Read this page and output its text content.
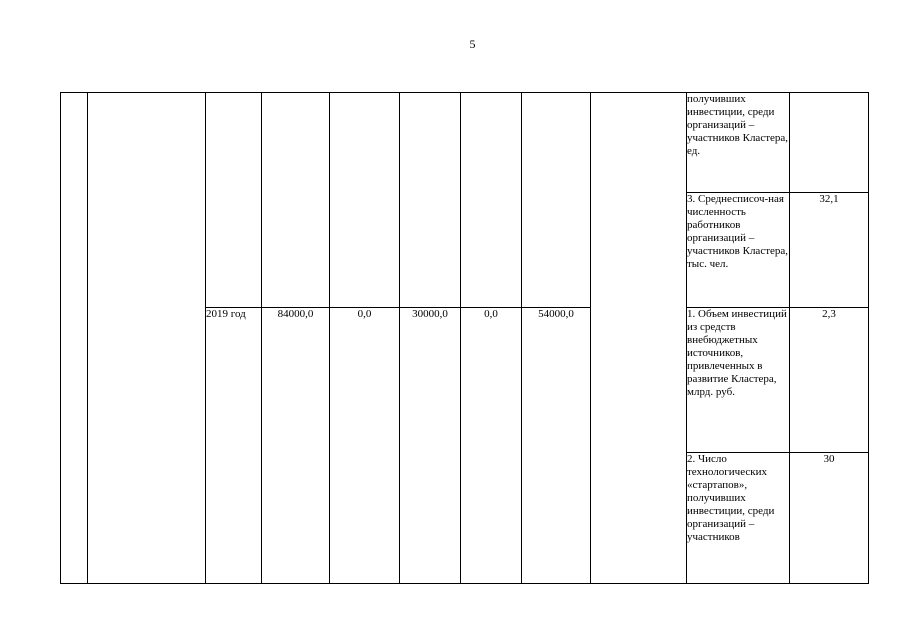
5

									получивших инвестиции, среди организаций – участников Кластера, ед.	

									3. Среднесписоч-ная численность работников организаций – участников Кластера, тыс. чел.	32,1
		2019 год	84000,0	0,0	30000,0	0,0	54000,0		1. Объем инвестиций из средств внебюджетных источников, привлеченных в развитие Кластера, млрд. руб.	2,3

									2. Число технологических «стартапов», получивших инвестиции, среди организаций – участников	30
